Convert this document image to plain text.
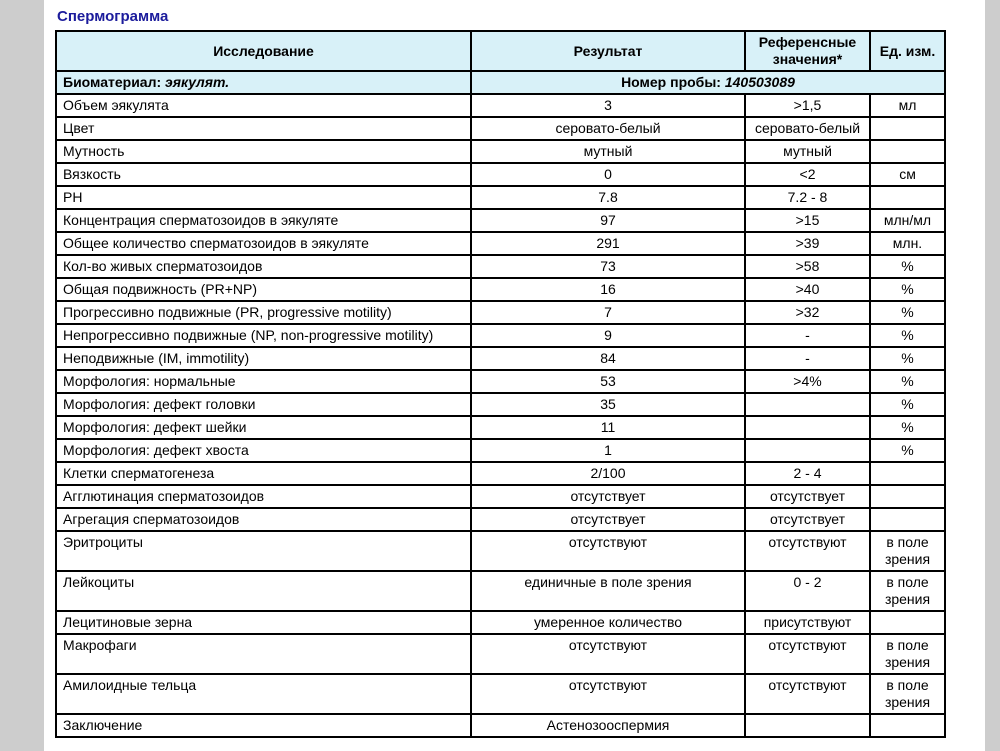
Спермограмма
Исследование	Результат	Референсные значения*	Ед. изм.
Биоматериал: эякулят.	Номер пробы: 140503089		
Объем эякулята	3	>1,5	мл
Цвет	серовато-белый	серовато-белый	
Мутность	мутный	мутный	
Вязкость	0	<2	см
PH	7.8	7.2 - 8	
Концентрация сперматозоидов в эякуляте	97	>15	млн/мл
Общее количество сперматозоидов в эякуляте	291	>39	млн.
Кол-во живых сперматозоидов	73	>58	%
Общая подвижность (PR+NP)	16	>40	%
Прогрессивно подвижные (PR, progressive motility)	7	>32	%
Непрогрессивно подвижные (NP, non-progressive motility)	9	-	%
Неподвижные (IM, immotility)	84	-	%
Морфология: нормальные	53	>4%	%
Морфология: дефект головки	35		%
Морфология: дефект шейки	11		%
Морфология: дефект хвоста	1		%
Клетки сперматогенеза	2/100	2 - 4	
Агглютинация сперматозоидов	отсутствует	отсутствует	
Агрегация сперматозоидов	отсутствует	отсутствует	
Эритроциты	отсутствуют	отсутствуют	в поле зрения
Лейкоциты	единичные в поле зрения	0 - 2	в поле зрения
Лецитиновые зерна	умеренное количество	присутствуют	
Макрофаги	отсутствуют	отсутствуют	в поле зрения
Амилоидные тельца	отсутствуют	отсутствуют	в поле зрения
Заключение	Астенозооспермия		
